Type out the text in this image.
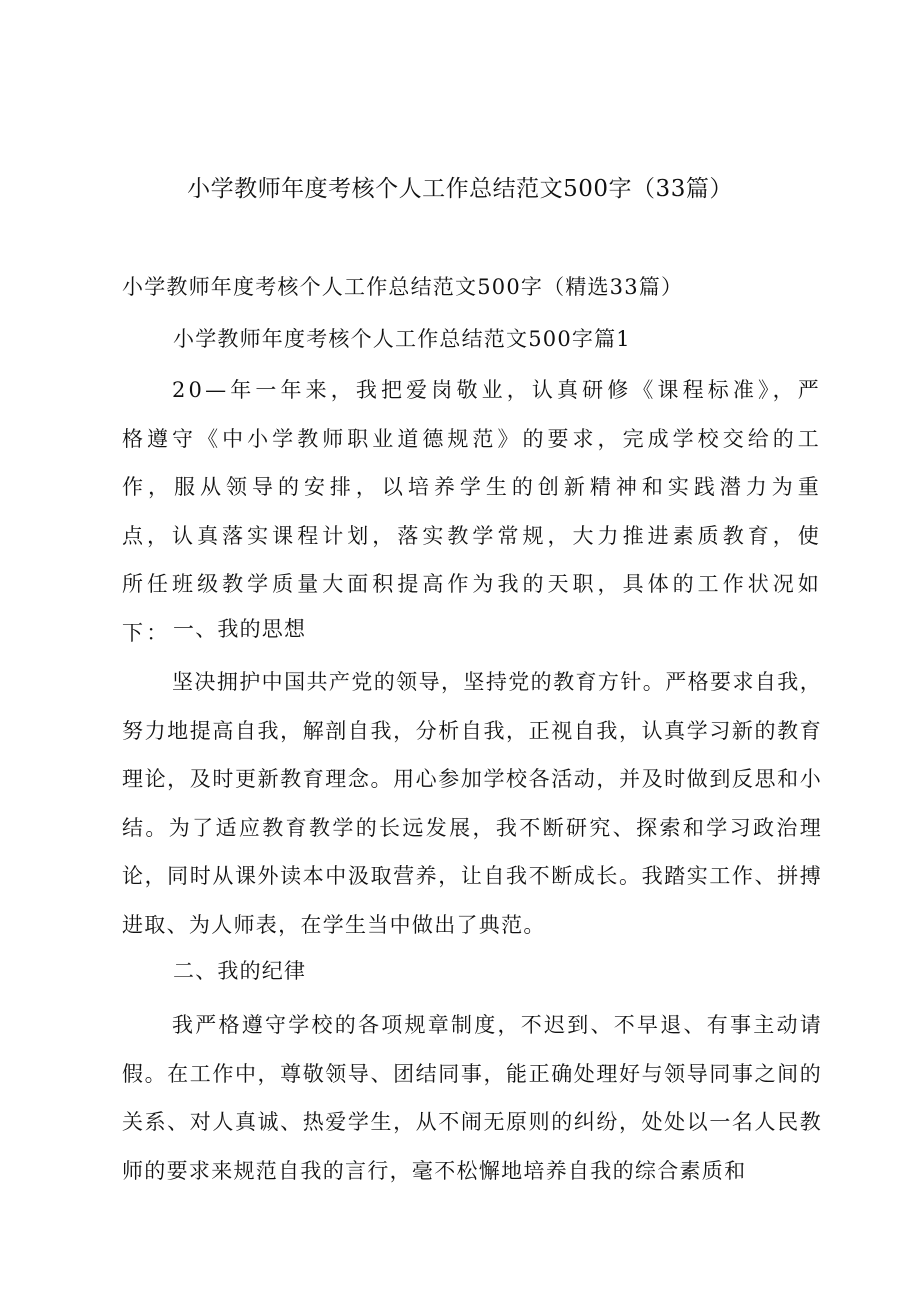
小学教师年度考核个人工作总结范文500字（33篇）
小学教师年度考核个人工作总结范文500字（精选33篇）
小学教师年度考核个人工作总结范文500字篇1
20—年一年来，我把爱岗敬业，认真研修《课程标准》，严格遵守《中小学教师职业道德规范》的要求，完成学校交给的工作，服从领导的安排，以培养学生的创新精神和实践潜力为重点，认真落实课程计划，落实教学常规，大力推进素质教育，使所任班级教学质量大面积提高作为我的天职，具体的工作状况如下： 一、我的思想
坚决拥护中国共产党的领导，坚持党的教育方针。严格要求自我，努力地提高自我，解剖自我，分析自我，正视自我，认真学习新的教育理论，及时更新教育理念。用心参加学校各活动，并及时做到反思和小结。为了适应教育教学的长远发展，我不断研究、探索和学习政治理论，同时从课外读本中汲取营养，让自我不断成长。我踏实工作、拼搏进取、为人师表，在学生当中做出了典范。
二、我的纪律
我严格遵守学校的各项规章制度，不迟到、不早退、有事主动请假。在工作中，尊敬领导、团结同事，能正确处理好与领导同事之间的关系、对人真诚、热爱学生，从不闹无原则的纠纷，处处以一名人民教师的要求来规范自我的言行，毫不松懈地培养自我的综合素质和
